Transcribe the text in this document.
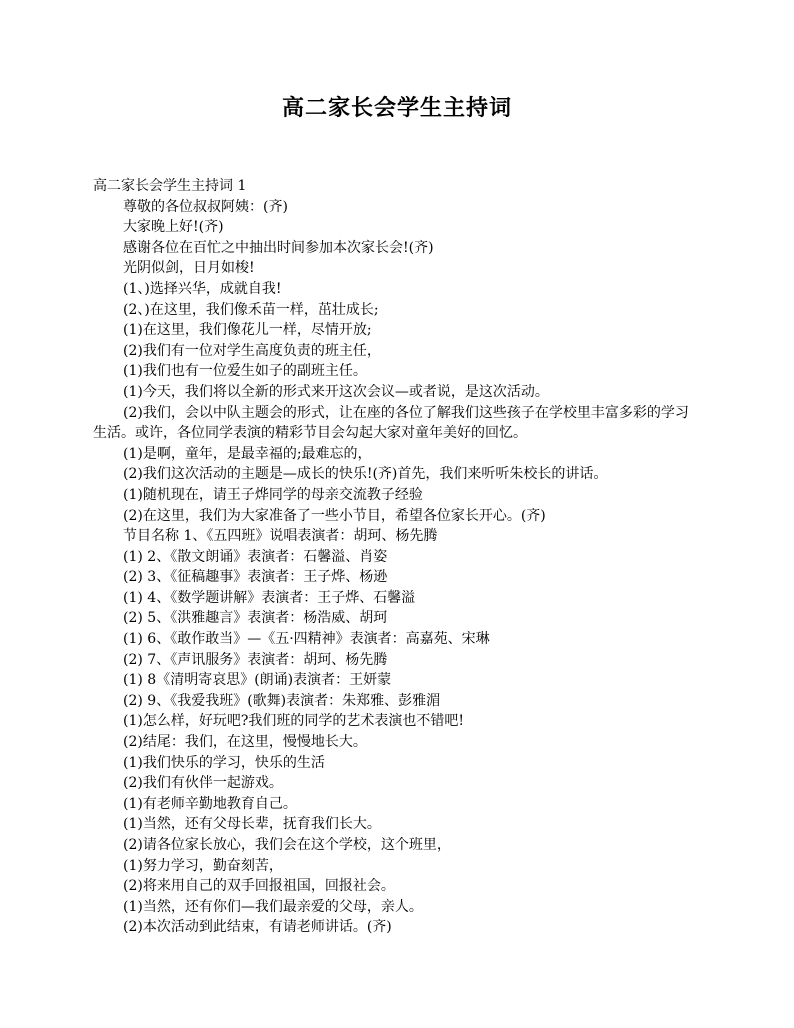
高二家长会学生主持词
高二家长会学生主持词 1
尊敬的各位叔叔阿姨：(齐)
大家晚上好!(齐)
感谢各位在百忙之中抽出时间参加本次家长会!(齐)
光阴似剑，日月如梭!
(1、)选择兴华，成就自我!
(2、)在这里，我们像禾苗一样，茁壮成长;
(1)在这里，我们像花儿一样，尽情开放;
(2)我们有一位对学生高度负责的班主任，
(1)我们也有一位爱生如子的副班主任。
(1)今天，我们将以全新的形式来开这次会议—或者说，是这次活动。
(2)我们，会以中队主题会的形式，让在座的各位了解我们这些孩子在学校里丰富多彩的学习生活。或许，各位同学表演的精彩节目会勾起大家对童年美好的回忆。
(1)是啊，童年，是最幸福的;最难忘的，
(2)我们这次活动的主题是—成长的快乐!(齐)首先，我们来听听朱校长的讲话。
(1)随机现在，请王子烨同学的母亲交流教子经验
(2)在这里，我们为大家准备了一些小节目，希望各位家长开心。(齐)
节目名称 1、《五四班》说唱表演者：胡珂、杨先腾
(1) 2、《散文朗诵》表演者：石馨溢、肖姿
(2) 3、《征稿趣事》表演者：王子烨、杨逊
(1) 4、《数学题讲解》表演者：王子烨、石馨溢
(2) 5、《洪雅趣言》表演者：杨浩威、胡珂
(1) 6、《敢作敢当》—《五·四精神》表演者：高嘉苑、宋琳
(2) 7、《声讯服务》表演者：胡珂、杨先腾
(1) 8《清明寄哀思》(朗诵)表演者：王妍蒙
(2) 9、《我爱我班》(歌舞)表演者：朱郑雅、彭雅湄
(1)怎么样，好玩吧?我们班的同学的艺术表演也不错吧!
(2)结尾：我们，在这里，慢慢地长大。
(1)我们快乐的学习，快乐的生活
(2)我们有伙伴一起游戏。
(1)有老师辛勤地教育自己。
(1)当然，还有父母长辈，抚育我们长大。
(2)请各位家长放心，我们会在这个学校，这个班里，
(1)努力学习，勤奋刻苦，
(2)将来用自己的双手回报祖国，回报社会。
(1)当然，还有你们—我们最亲爱的父母，亲人。
(2)本次活动到此结束，有请老师讲话。(齐)
